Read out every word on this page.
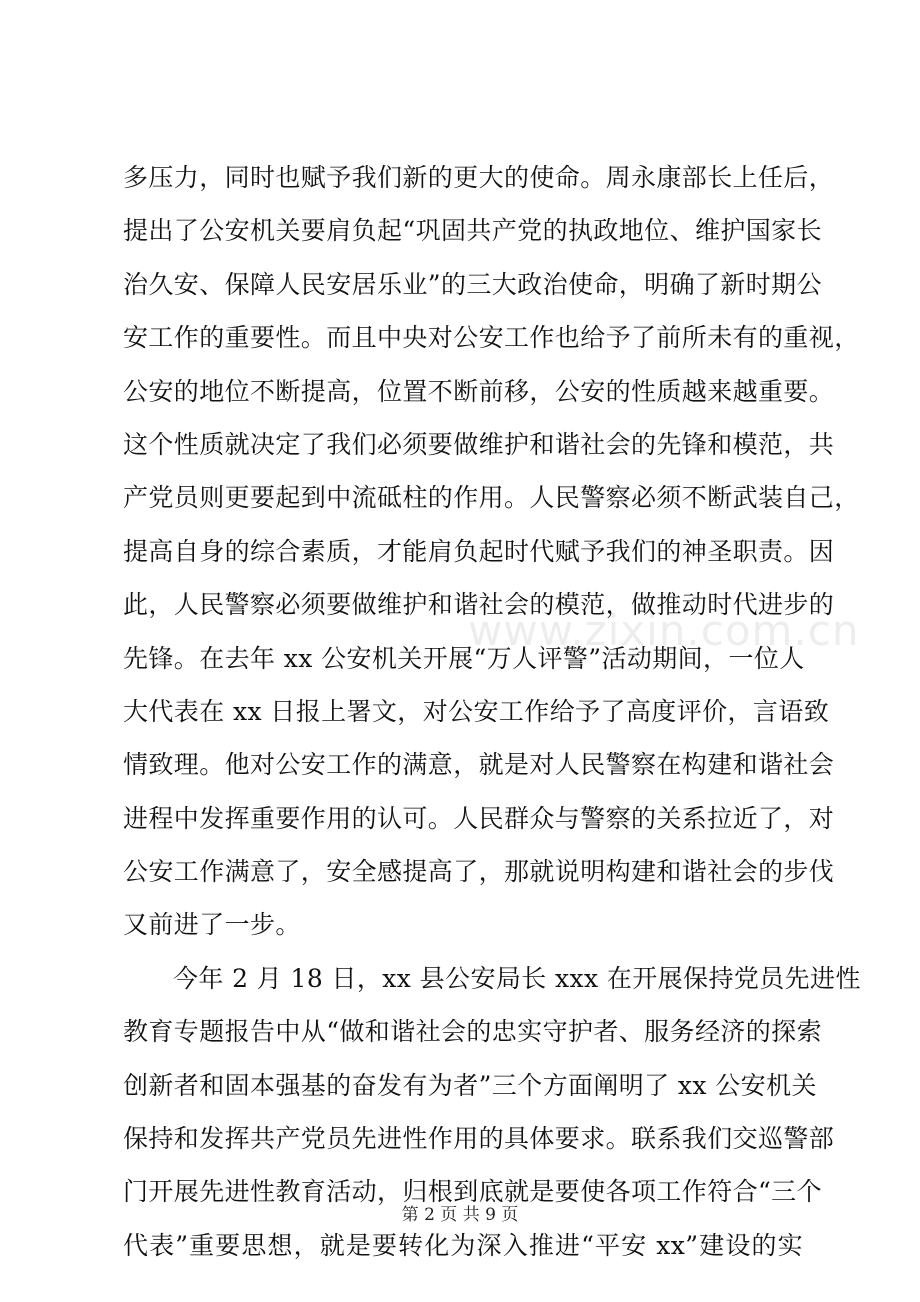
www.zixin.com.cn
多压力，同时也赋予我们新的更大的使命。周永康部长上任后，
提出了公安机关要肩负起“巩固共产党的执政地位、维护国家长
治久安、保障人民安居乐业”的三大政治使命，明确了新时期公
安工作的重要性。而且中央对公安工作也给予了前所未有的重视，
公安的地位不断提高，位置不断前移，公安的性质越来越重要。
这个性质就决定了我们必须要做维护和谐社会的先锋和模范，共
产党员则更要起到中流砥柱的作用。人民警察必须不断武装自己，
提高自身的综合素质，才能肩负起时代赋予我们的神圣职责。因
此，人民警察必须要做维护和谐社会的模范，做推动时代进步的
先锋。在去年 xx 公安机关开展“万人评警”活动期间，一位人
大代表在 xx 日报上署文，对公安工作给予了高度评价，言语致
情致理。他对公安工作的满意，就是对人民警察在构建和谐社会
进程中发挥重要作用的认可。人民群众与警察的关系拉近了，对
公安工作满意了，安全感提高了，那就说明构建和谐社会的步伐
又前进了一步。
今年 2 月 18 日，xx 县公安局长 xxx 在开展保持党员先进性
教育专题报告中从“做和谐社会的忠实守护者、服务经济的探索
创新者和固本强基的奋发有为者”三个方面阐明了 xx 公安机关
保持和发挥共产党员先进性作用的具体要求。联系我们交巡警部
门开展先进性教育活动，归根到底就是要使各项工作符合“三个
代表”重要思想，就是要转化为深入推进“平安 xx”建设的实
第 2 页 共 9 页
